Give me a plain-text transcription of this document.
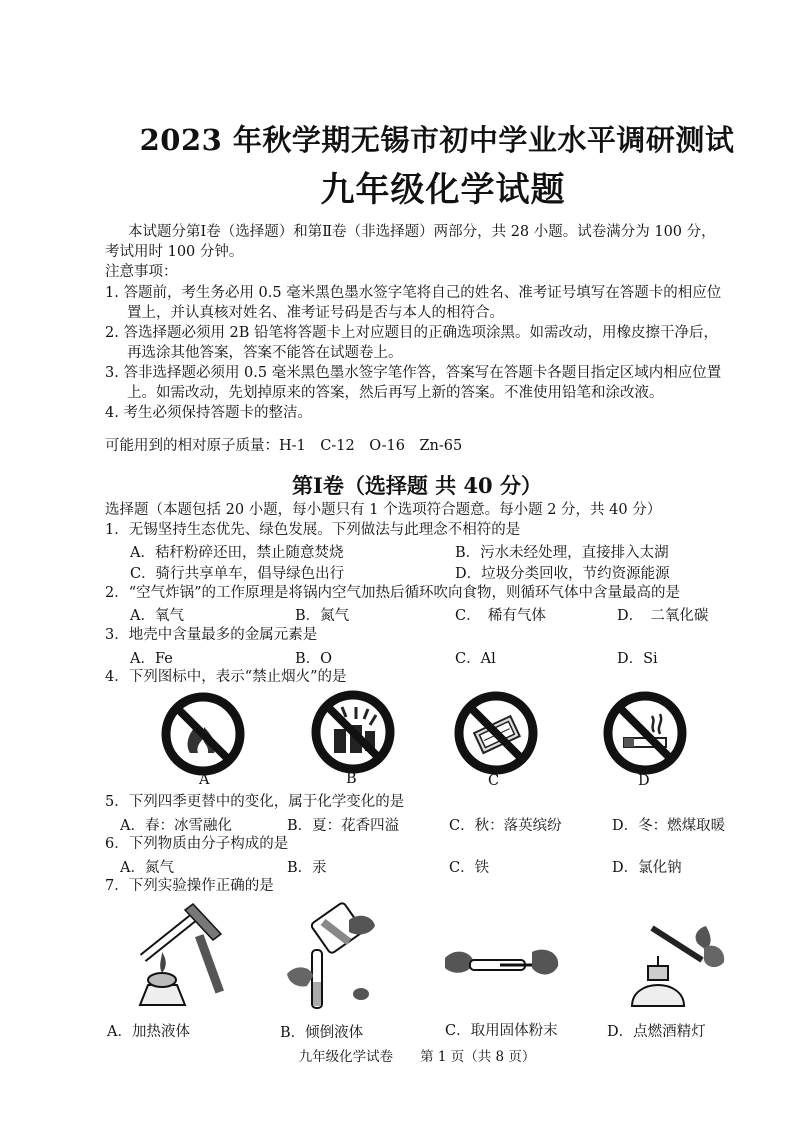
2023 年秋学期无锡市初中学业水平调研测试
九年级化学试题
本试题分第Ⅰ卷（选择题）和第Ⅱ卷（非选择题）两部分，共 28 小题。试卷满分为 100 分，
考试用时 100 分钟。
注意事项：
1. 答题前，考生务必用 0.5 毫米黑色墨水签字笔将自己的姓名、准考证号填写在答题卡的相应位
置上，并认真核对姓名、准考证号码是否与本人的相符合。
2. 答选择题必须用 2B 铅笔将答题卡上对应题目的正确选项涂黑。如需改动，用橡皮擦干净后，
再选涂其他答案，答案不能答在试题卷上。
3. 答非选择题必须用 0.5 毫米黑色墨水签字笔作答，答案写在答题卡各题目指定区域内相应位置
上。如需改动，先划掉原来的答案，然后再写上新的答案。不准使用铅笔和涂改液。
4. 考生必须保持答题卡的整洁。
可能用到的相对原子质量：H-1　C-12　O-16　Zn-65
第Ⅰ卷（选择题 共 40 分）
选择题（本题包括 20 小题，每小题只有 1 个选项符合题意。每小题 2 分，共 40 分）
1．无锡坚持生态优先、绿色发展。下列做法与此理念不相符的是
A．秸秆粉碎还田，禁止随意焚烧	B．污水未经处理，直接排入太湖
C．骑行共享单车，倡导绿色出行	D．垃圾分类回收，节约资源能源
2．“空气炸锅”的工作原理是将锅内空气加热后循环吹向食物，则循环气体中含量最高的是
A．氧气	B．氮气	C．　稀有气体	D．　二氧化碳
3．地壳中含量最多的金属元素是
A．Fe	B．O	C．Al	D．Si
4．下列图标中，表示“禁止烟火”的是
A	B	C	D
5．下列四季更替中的变化，属于化学变化的是
A．春：冰雪融化	B．夏：花香四溢	C．秋：落英缤纷	D．冬：燃煤取暖
6．下列物质由分子构成的是
A．氮气	B．汞	C．铁	D．氯化钠
7．下列实验操作正确的是
A．加热液体	B．倾倒液体	C．取用固体粉末	D．点燃酒精灯
九年级化学试卷　　第 1 页（共 8 页）
